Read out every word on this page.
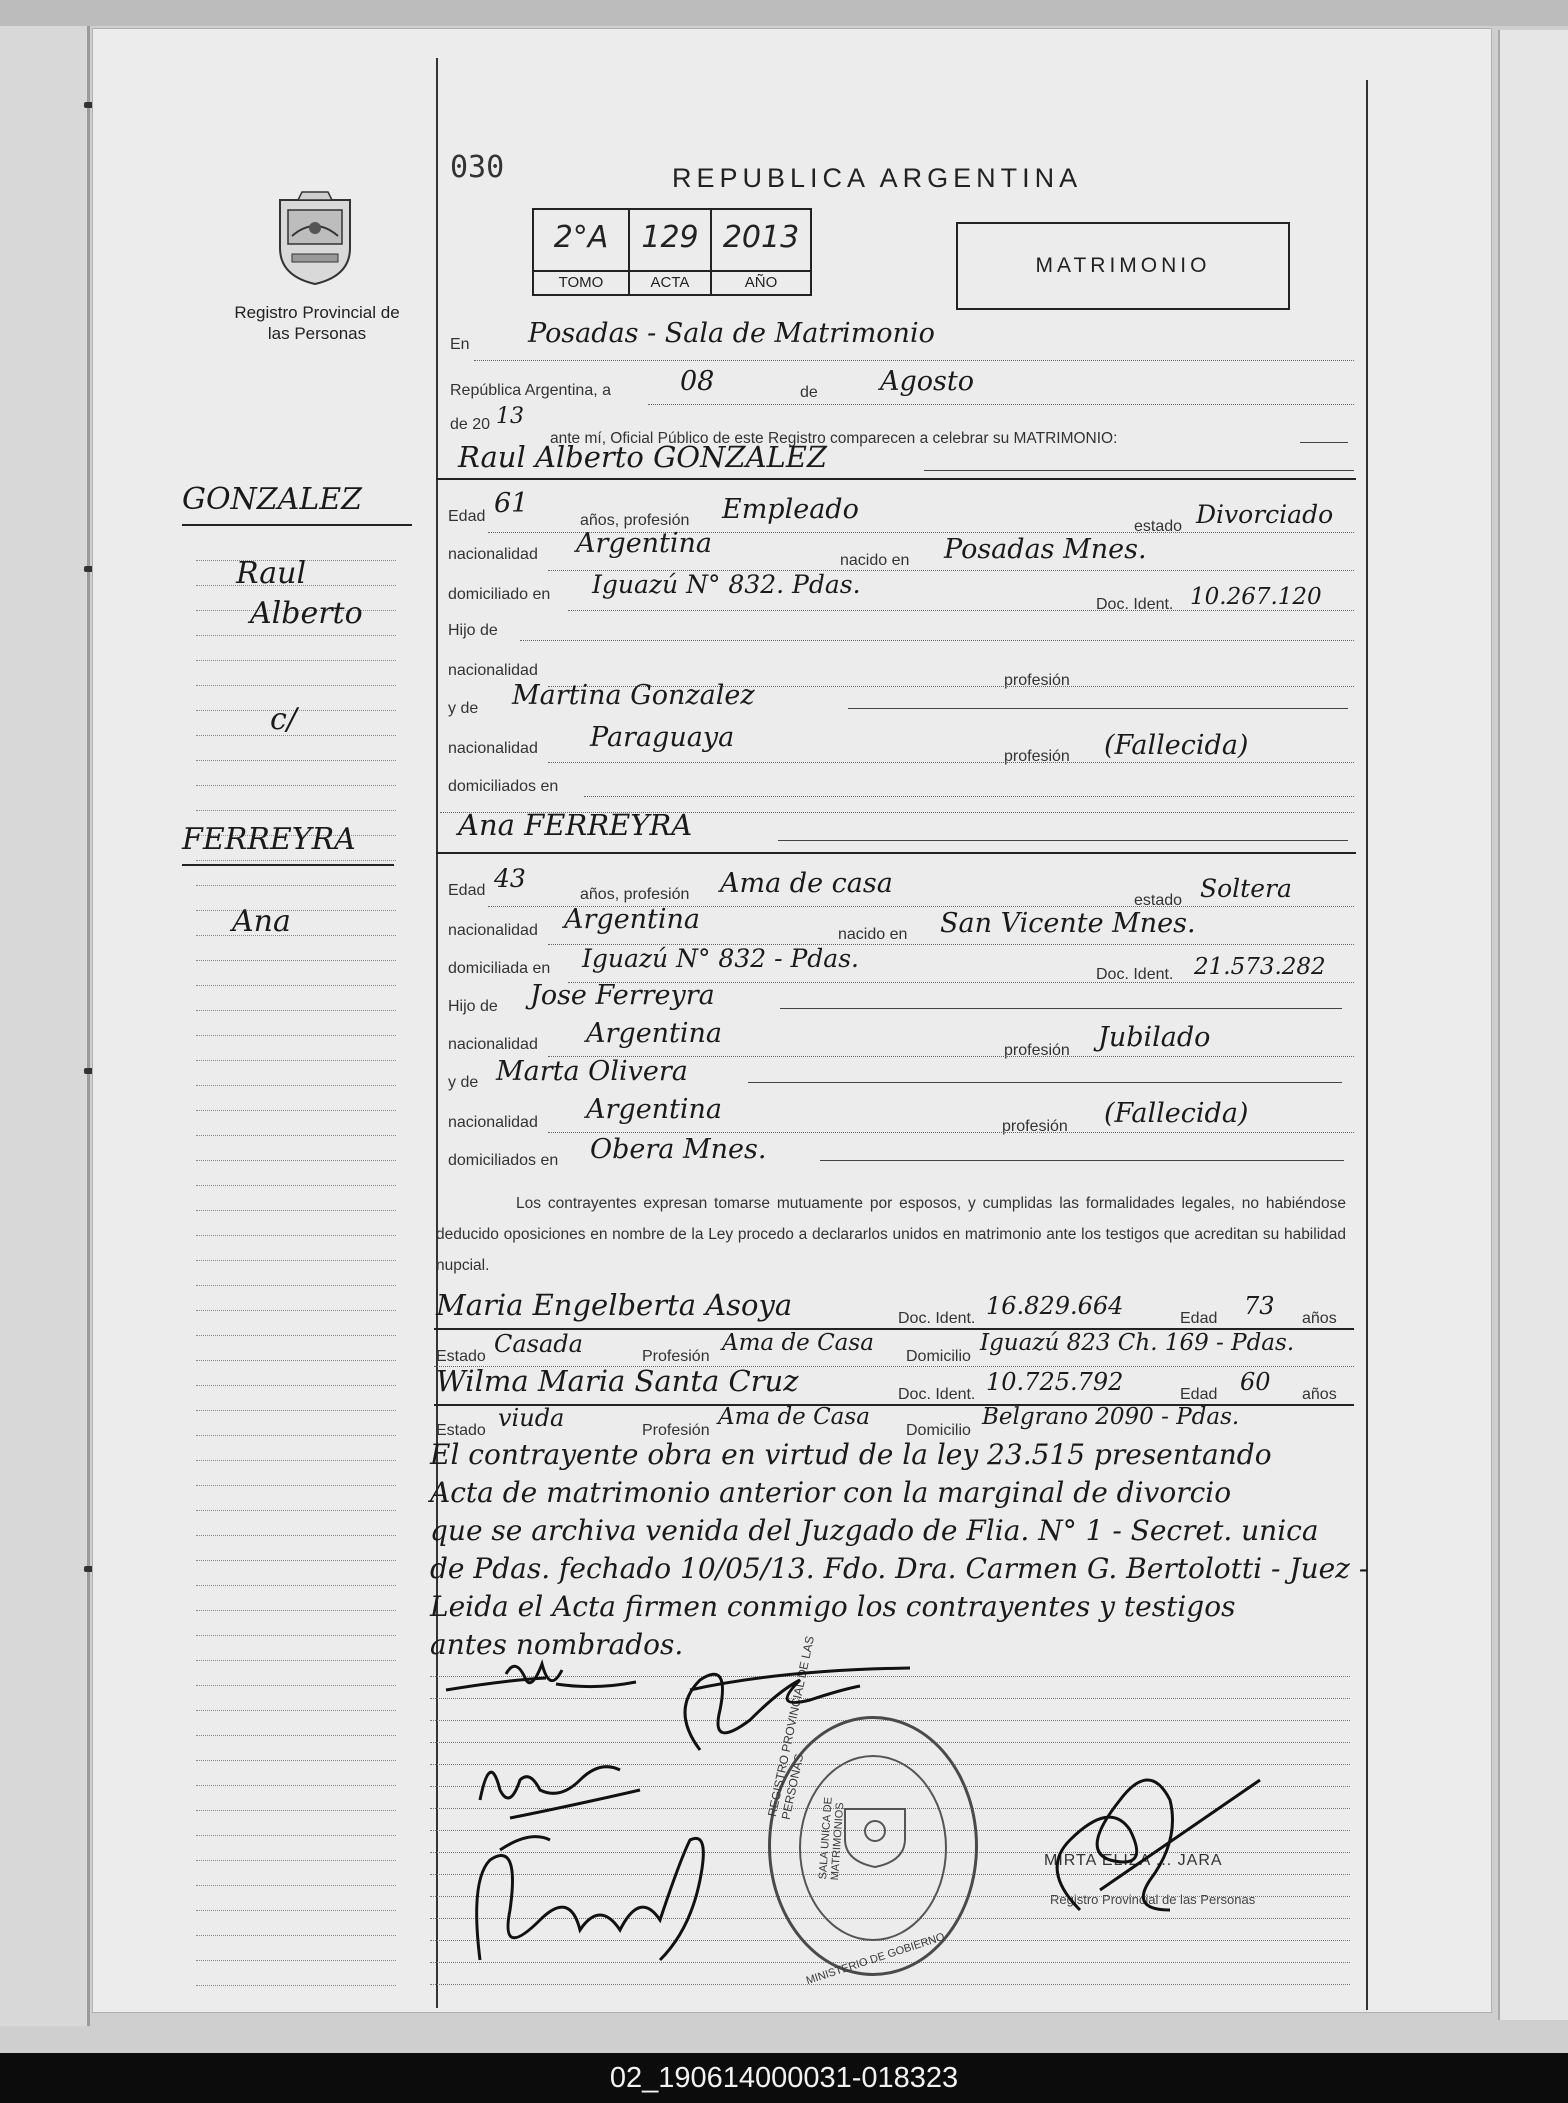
Registro Provincial de las Personas
GONZALEZ
Raul
Alberto
c/
FERREYRA
Ana
030	REPUBLICA ARGENTINA
2°A
TOMO
129
ACTA
2013
AÑO
MATRIMONIO
En Posadas - Sala de Matrimonio
República Argentina, a	08	de Agosto
de 20 13
ante mí, Oficial Público de este Registro comparecen a celebrar su MATRIMONIO:
Raul Alberto GONZALEZ
Edad 61
años, profesión Empleado
estado Divorciado
nacionalidad Argentina
nacido en Posadas Mnes.
domiciliado en Iguazú N° 832. Pdas.
Doc. Ident. 10.267.120
Hijo de
nacionalidad
profesión
y de Martina Gonzalez
nacionalidad Paraguaya
profesión (Fallecida)
domiciliados en
Ana FERREYRA
Edad 43
años, profesión Ama de casa
estado Soltera
nacionalidad Argentina	nacido en San Vicente Mnes.
domiciliada en Iguazú N° 832 - Pdas.
Doc. Ident. 21.573.282
Hijo de Jose Ferreyra
nacionalidad Argentina
profesión Jubilado
y de Marta Olivera
nacionalidad Argentina
profesión (Fallecida)
domiciliados en Obera Mnes.
Los contrayentes expresan tomarse mutuamente por esposos, y cumplidas las formalidades legales, no habiéndose deducido oposiciones en nombre de la Ley procedo a declararlos unidos en matrimonio ante los testigos que acreditan su habilidad nupcial.
Maria Engelberta Asoya	Doc. Ident. 16.829.664	Edad 73 años
Estado Casada	Profesión
Ama de Casa
Domicilio
Iguazú 823 Ch. 169 - Pdas.
Wilma Maria Santa Cruz	Doc. Ident. 10.725.792	Edad 60 años
Estado viuda	Profesión
Ama de Casa
Domicilio
Belgrano 2090 - Pdas.
El contrayente obra en virtud de la ley 23.515 presentando
Acta de matrimonio anterior con la marginal de divorcio
que se archiva venida del Juzgado de Flia. N° 1 - Secret. unica
de Pdas. fechado 10/05/13. Fdo. Dra. Carmen G. Bertolotti - Juez -
Leida el Acta firmen conmigo los contrayentes y testigos
antes nombrados.	REGISTRO PROVINCIAL DE LAS PERSONAS
SALA UNICA DE MATRIMONIOS
MINISTERIO DE GOBIERNO
MIRTA ELIZA ... JARA
Registro Provincial de las Personas
02_190614000031-018323
